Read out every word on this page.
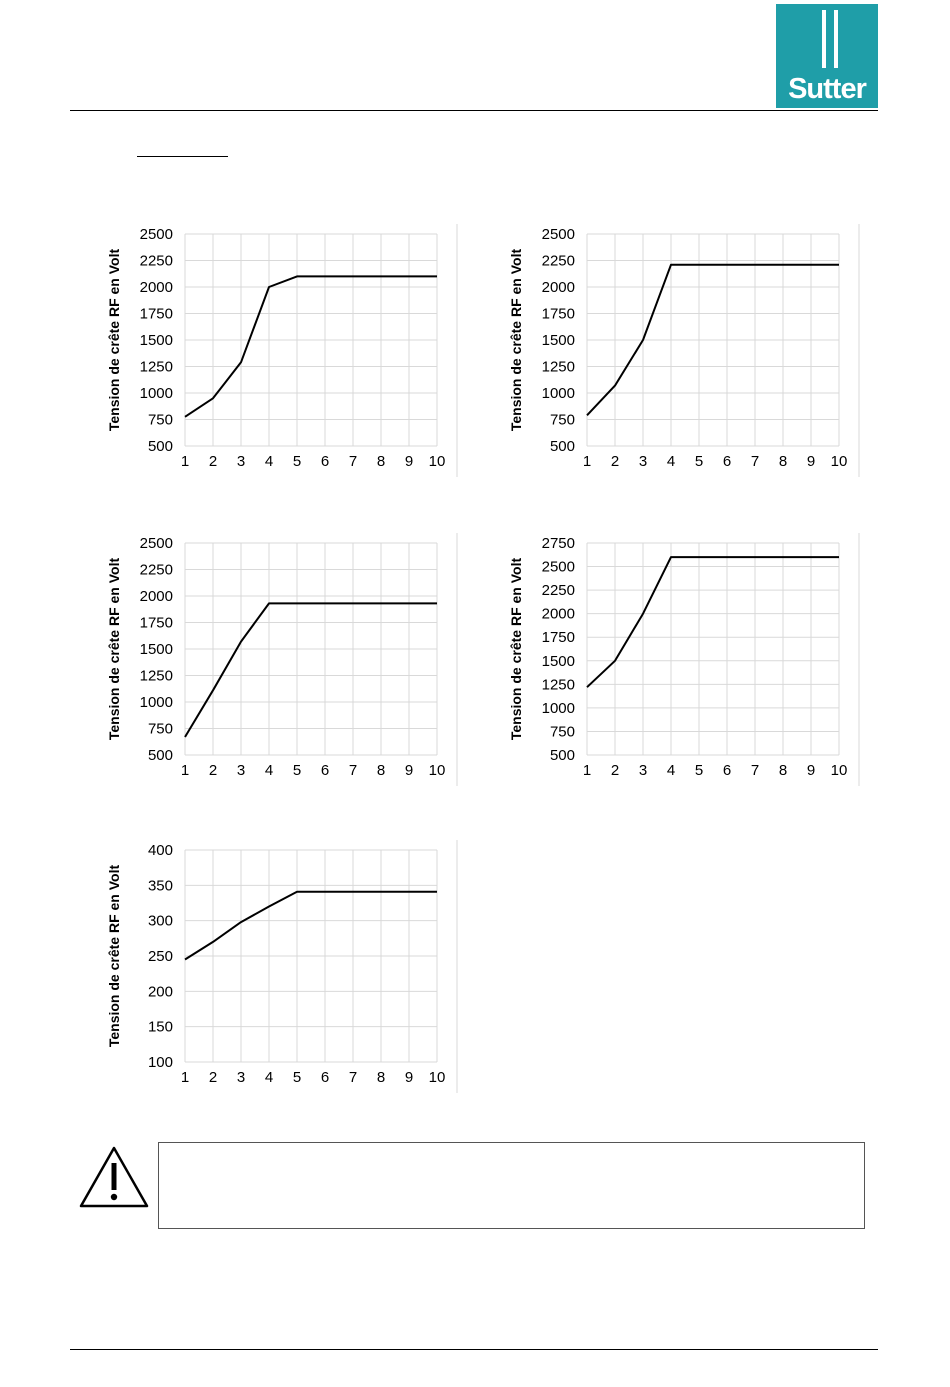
Sutter
500
750
1000
1250
1500
1750
2000
2250
2500
1 2 3 4 5 6 7 8 9 10
Tension de crête RF en Volt
500
750
1000
1250
1500
1750
2000
2250
2500
1 2 3 4 5 6 7 8 9 10
Tension de crête RF en Volt
500
750
1000
1250
1500
1750
2000
2250
2500
1 2 3 4 5 6 7 8 9 10
Tension de crête RF en Volt
500
750
1000
1250
1500
1750
2000
2250
2500
2750
1 2 3 4 5 6 7 8 9 10
Tension de crête RF en Volt
100
150
200
250
300
350
400
1 2 3 4 5 6 7 8 9 10
Tension de crête RF en Volt
